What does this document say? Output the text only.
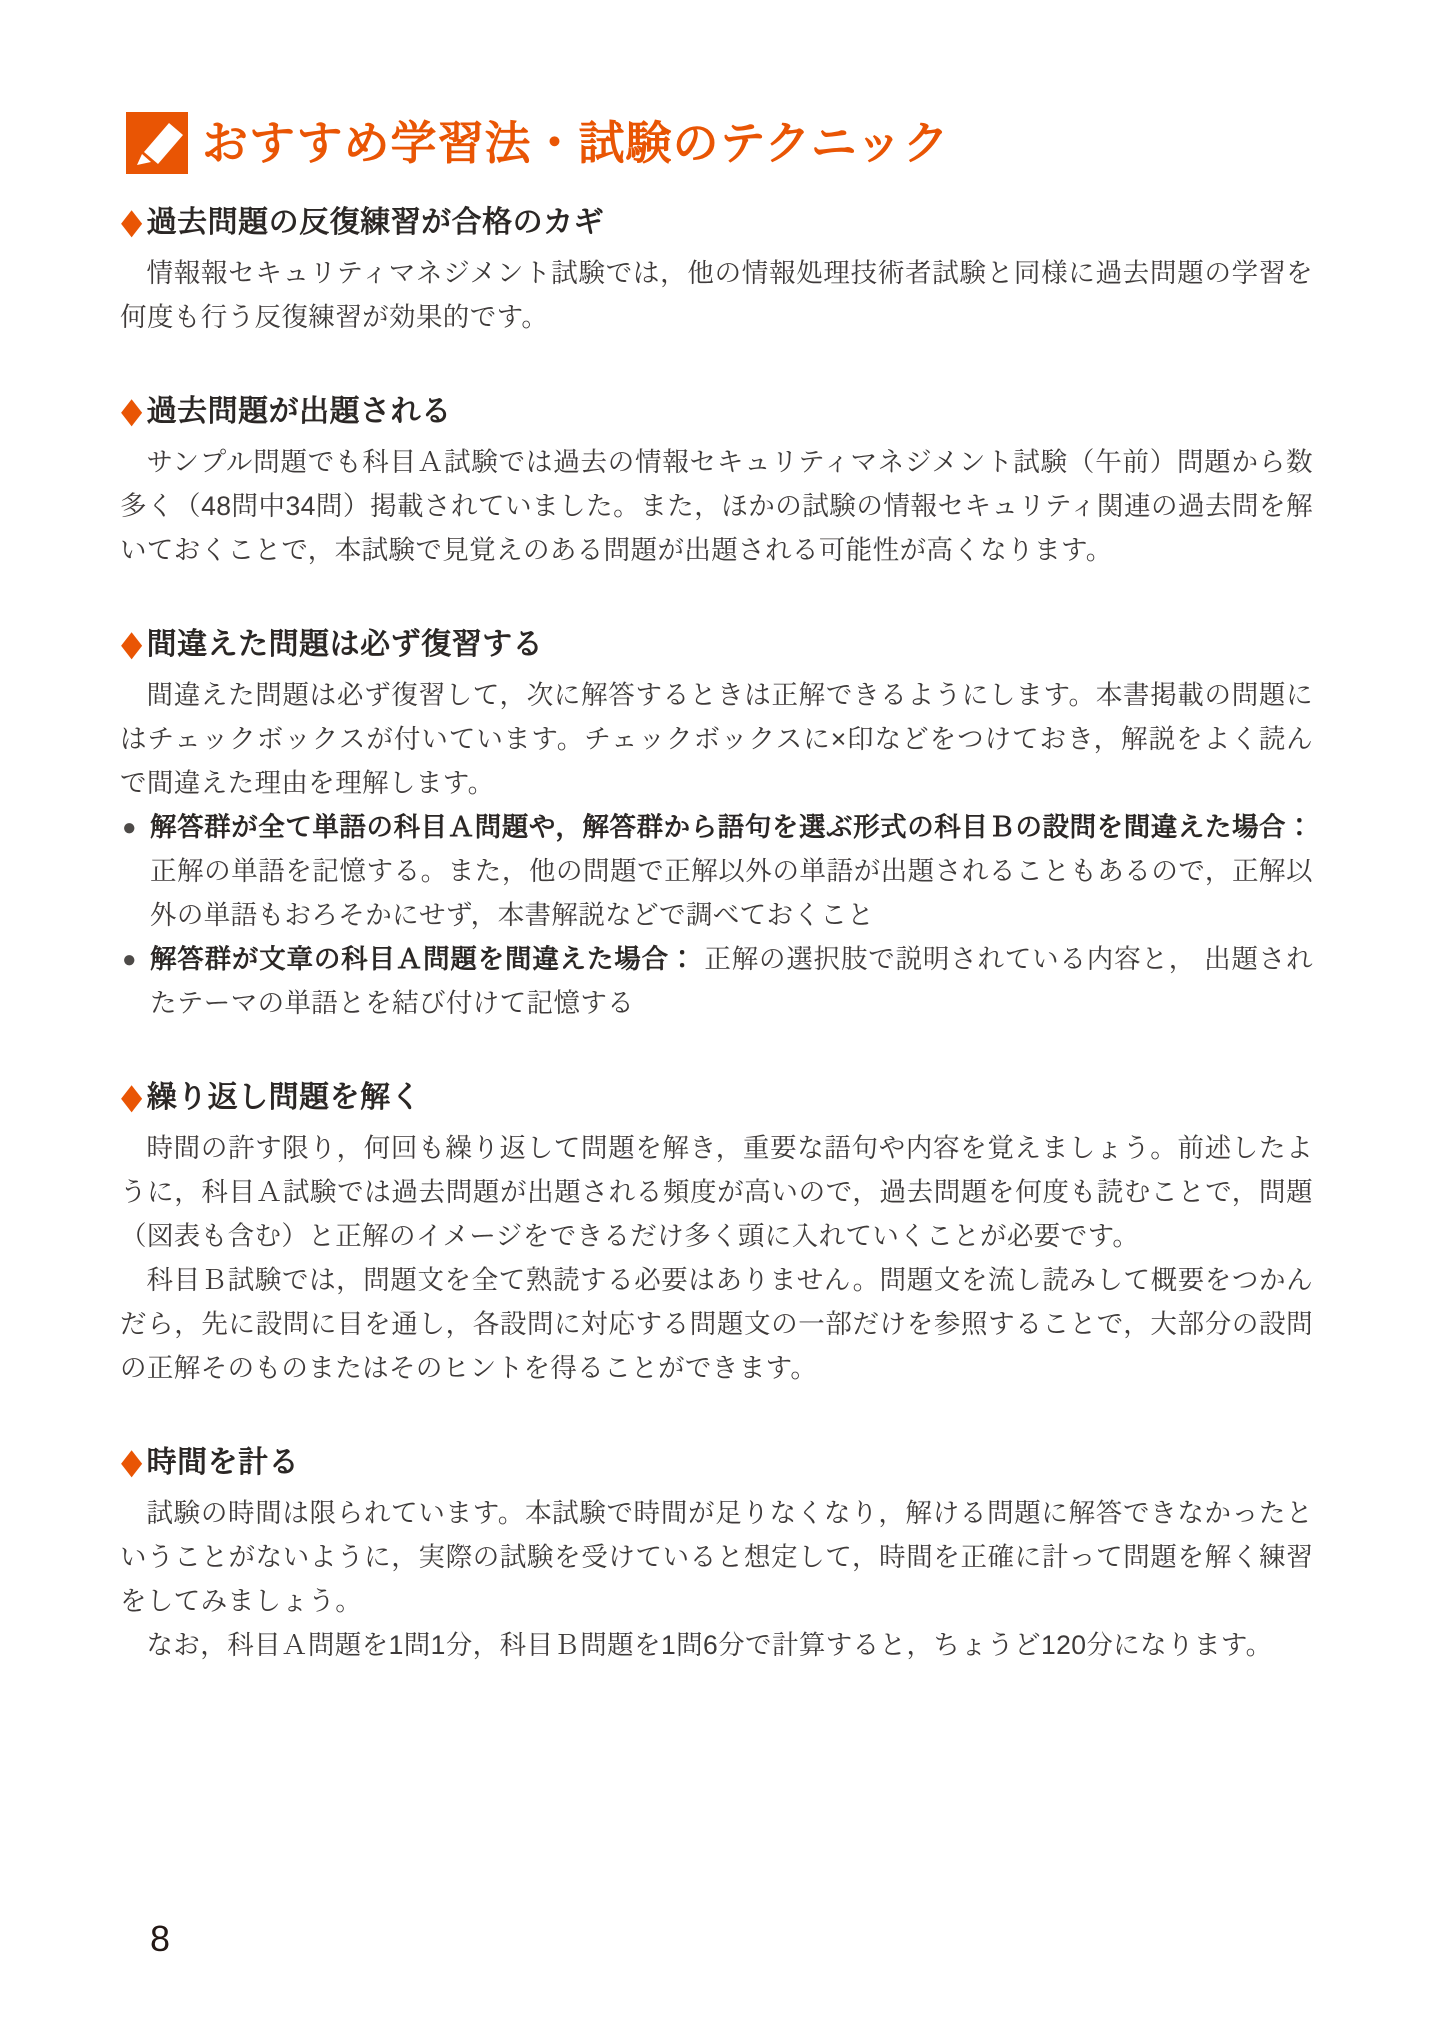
おすすめ学習法・試験のテクニック
◆ 過去問題の反復練習が合格のカギ

情報報セキュリティマネジメント試験では，他の情報処理技術者試験と同様に過去問題の学習を何度も行う反復練習が効果的です。

◆ 過去問題が出題される

サンプル問題でも科目Ａ試験では過去の情報セキュリティマネジメント試験（午前）問題から数多く（48問中34問）掲載されていました。また，ほかの試験の情報セキュリティ関連の過去問を解いておくことで，本試験で見覚えのある問題が出題される可能性が高くなります。

◆ 間違えた問題は必ず復習する

間違えた問題は必ず復習して，次に解答するときは正解できるようにします。本書掲載の問題にはチェックボックスが付いています。チェックボックスに×印などをつけておき，解説をよく読んで間違えた理由を理解します。

● 解答群が全て単語の科目Ａ問題や，解答群から語句を選ぶ形式の科目Ｂの設問を間違えた場合： 正解の単語を記憶する。また，他の問題で正解以外の単語が出題されることもあるので，正解以外の単語もおろそかにせず，本書解説などで調べておくこと
● 解答群が文章の科目Ａ問題を間違えた場合： 正解の選択肢で説明されている内容と， 出題されたテーマの単語とを結び付けて記憶する
◆ 繰り返し問題を解く

時間の許す限り，何回も繰り返して問題を解き，重要な語句や内容を覚えましょう。前述したように，科目Ａ試験では過去問題が出題される頻度が高いので，過去問題を何度も読むことで，問題（図表も含む）と正解のイメージをできるだけ多く頭に入れていくことが必要です。

科目Ｂ試験では，問題文を全て熟読する必要はありません。問題文を流し読みして概要をつかんだら，先に設問に目を通し，各設問に対応する問題文の一部だけを参照することで，大部分の設問の正解そのものまたはそのヒントを得ることができます。

◆ 時間を計る

試験の時間は限られています。本試験で時間が足りなくなり，解ける問題に解答できなかったということがないように，実際の試験を受けていると想定して，時間を正確に計って問題を解く練習をしてみましょう。

なお，科目Ａ問題を1問1分，科目Ｂ問題を1問6分で計算すると，ちょうど120分になります。

8
